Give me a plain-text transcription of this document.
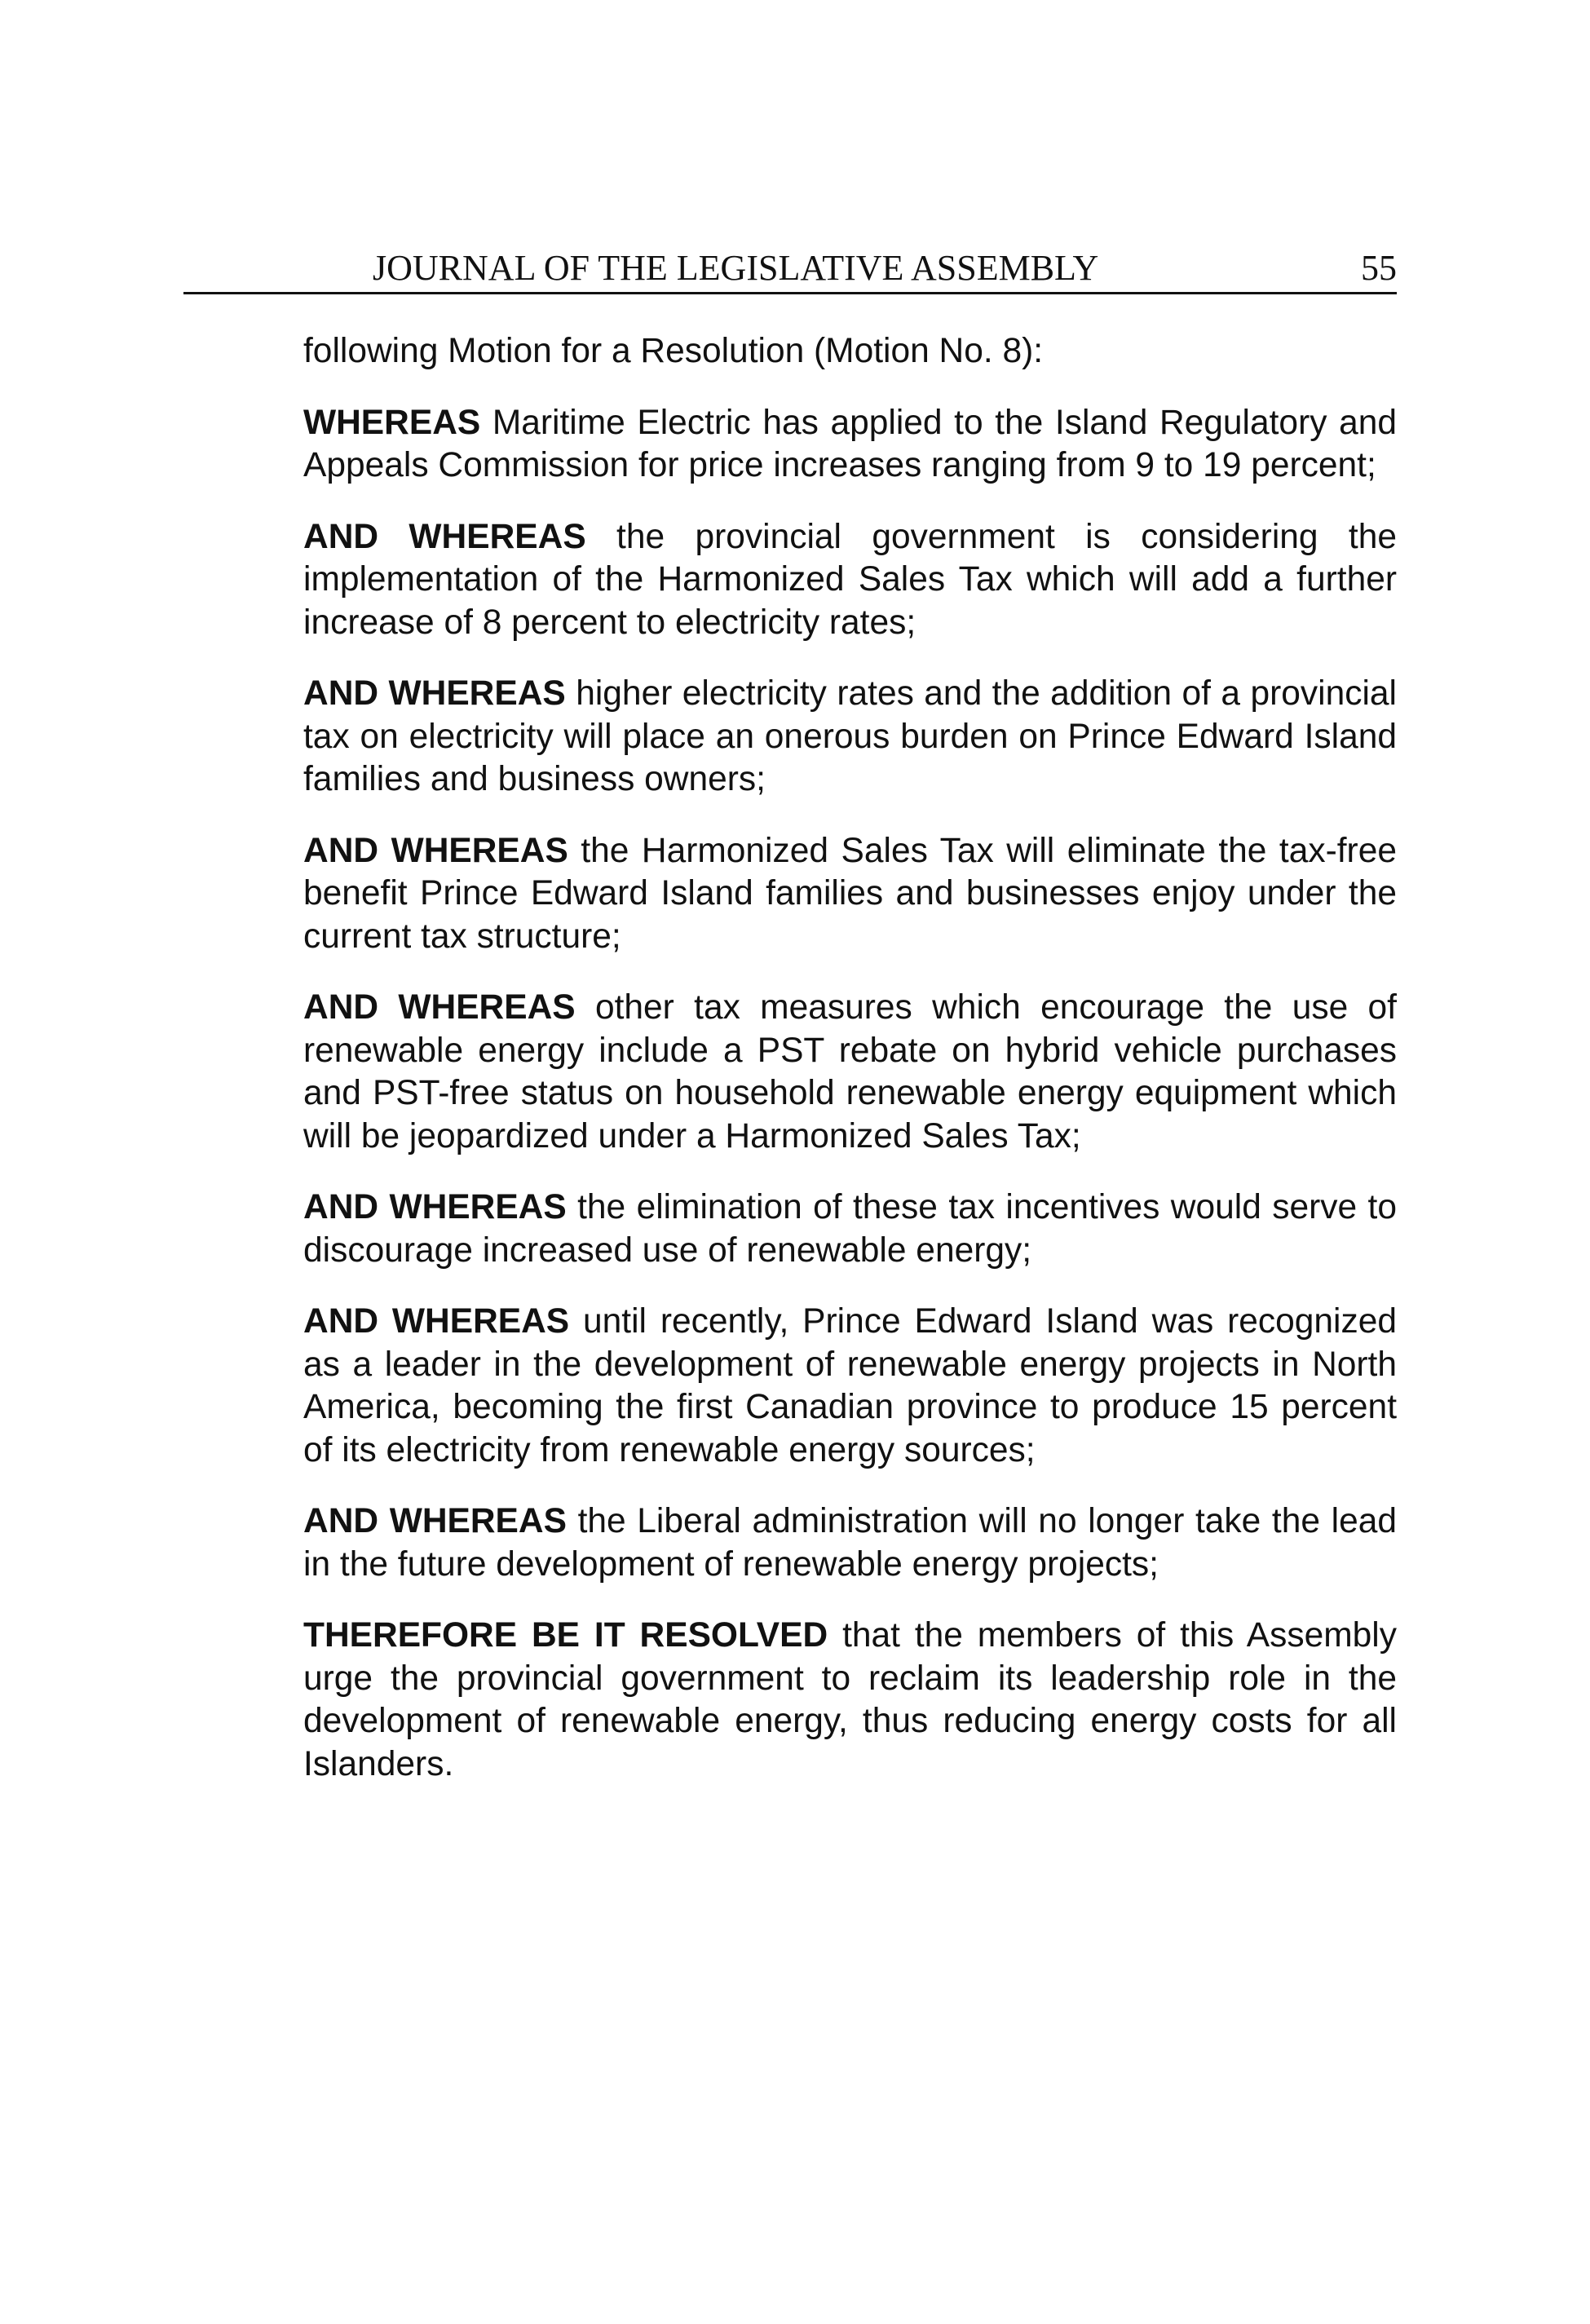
JOURNAL OF THE LEGISLATIVE ASSEMBLY	55

following Motion for a Resolution (Motion No. 8):

WHEREAS Maritime Electric has applied to the Island Regulatory and Appeals Commission for price increases ranging from 9 to 19 percent;

AND WHEREAS the provincial government is considering the implementation of the Harmonized Sales Tax which will add a further increase of 8 percent to electricity rates;

AND WHEREAS higher electricity rates and the addition of a provincial tax on electricity will place an onerous burden on Prince Edward Island families and business owners;

AND WHEREAS the Harmonized Sales Tax will eliminate the tax-free benefit Prince Edward Island families and businesses enjoy under the current tax structure;

AND WHEREAS other tax measures which encourage the use of renewable energy include a PST rebate on hybrid vehicle purchases and PST-free status on household renewable energy equipment which will be jeopardized under a Harmonized Sales Tax;

AND WHEREAS the elimination of these tax incentives would serve to discourage increased use of renewable energy;

AND WHEREAS until recently, Prince Edward Island was recognized as a leader in the development of renewable energy projects in North America, becoming the first Canadian province to produce 15 percent of its electricity from renewable energy sources;

AND WHEREAS the Liberal administration will no longer take the lead in the future development of renewable energy projects;

THEREFORE BE IT RESOLVED that the members of this Assembly urge the provincial government to reclaim its leadership role in the development of renewable energy, thus reducing energy costs for all Islanders.
